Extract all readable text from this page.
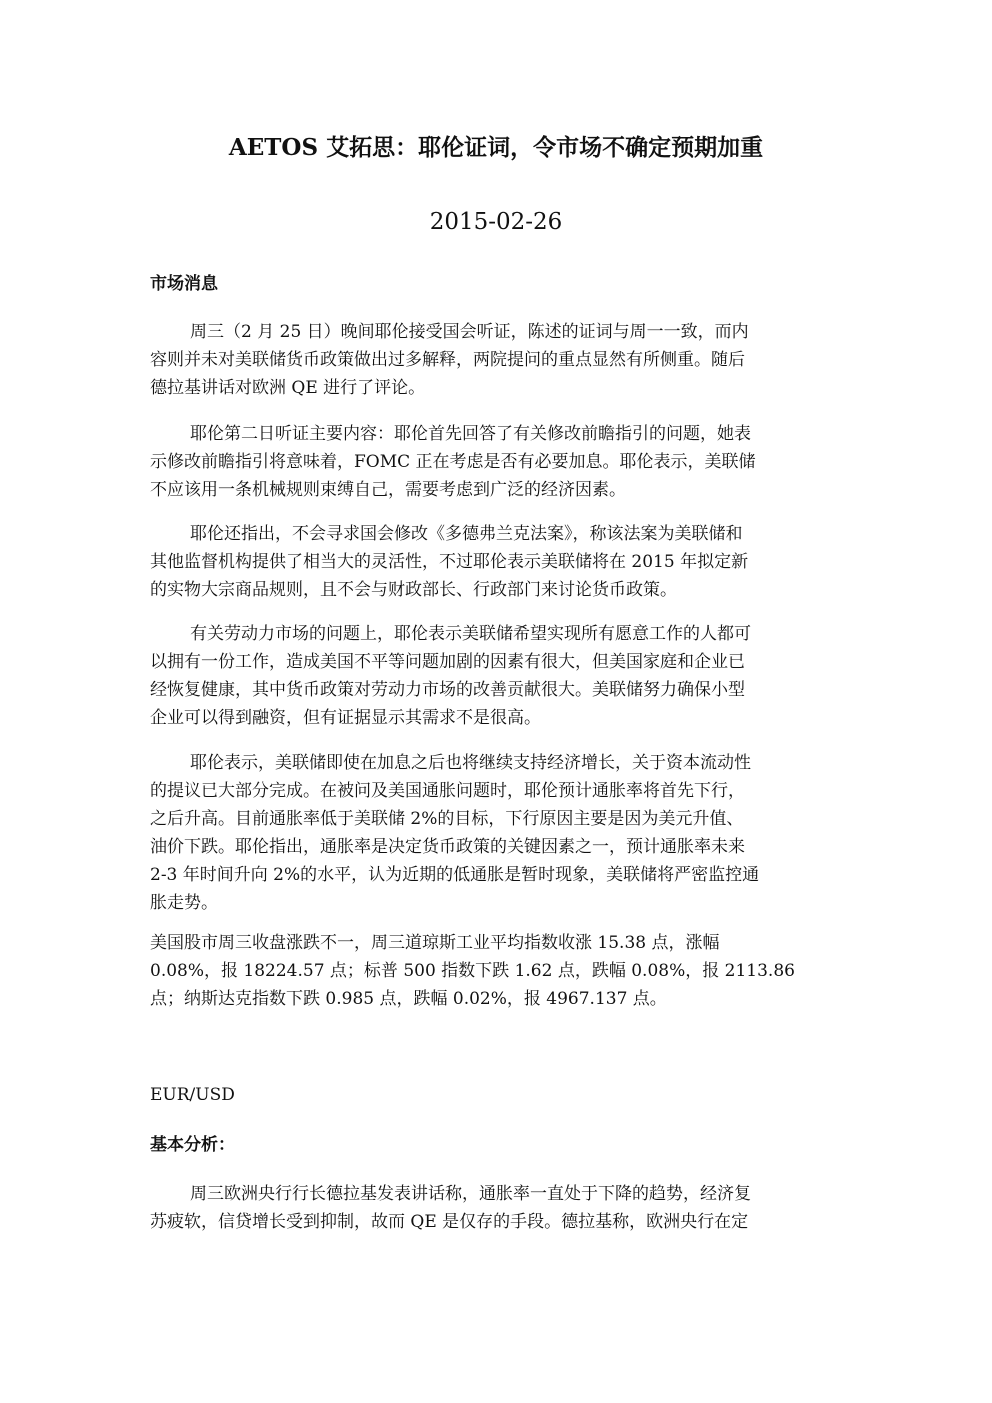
AETOS 艾拓思：耶伦证词，令市场不确定预期加重
2015-02-26
市场消息
周三（2 月 25 日）晚间耶伦接受国会听证，陈述的证词与周一一致，而内
容则并未对美联储货币政策做出过多解释，两院提问的重点显然有所侧重。随后
德拉基讲话对欧洲 QE 进行了评论。
耶伦第二日听证主要内容：耶伦首先回答了有关修改前瞻指引的问题，她表
示修改前瞻指引将意味着，FOMC 正在考虑是否有必要加息。耶伦表示，美联储
不应该用一条机械规则束缚自己，需要考虑到广泛的经济因素。
耶伦还指出，不会寻求国会修改《多德弗兰克法案》，称该法案为美联储和
其他监督机构提供了相当大的灵活性，不过耶伦表示美联储将在 2015 年拟定新
的实物大宗商品规则，且不会与财政部长、行政部门来讨论货币政策。
有关劳动力市场的问题上，耶伦表示美联储希望实现所有愿意工作的人都可
以拥有一份工作，造成美国不平等问题加剧的因素有很大，但美国家庭和企业已
经恢复健康，其中货币政策对劳动力市场的改善贡献很大。美联储努力确保小型
企业可以得到融资，但有证据显示其需求不是很高。
耶伦表示，美联储即使在加息之后也将继续支持经济增长，关于资本流动性
的提议已大部分完成。在被问及美国通胀问题时，耶伦预计通胀率将首先下行，
之后升高。目前通胀率低于美联储 2%的目标，下行原因主要是因为美元升值、
油价下跌。耶伦指出，通胀率是决定货币政策的关键因素之一，预计通胀率未来
2-3 年时间升向 2%的水平，认为近期的低通胀是暂时现象，美联储将严密监控通
胀走势。
美国股市周三收盘涨跌不一，周三道琼斯工业平均指数收涨 15.38 点，涨幅
0.08%，报 18224.57 点；标普 500 指数下跌 1.62 点，跌幅 0.08%，报 2113.86
点；纳斯达克指数下跌 0.985 点，跌幅 0.02%，报 4967.137 点。
EUR/USD
基本分析：
周三欧洲央行行长德拉基发表讲话称，通胀率一直处于下降的趋势，经济复
苏疲软，信贷增长受到抑制，故而 QE 是仅存的手段。德拉基称，欧洲央行在定
